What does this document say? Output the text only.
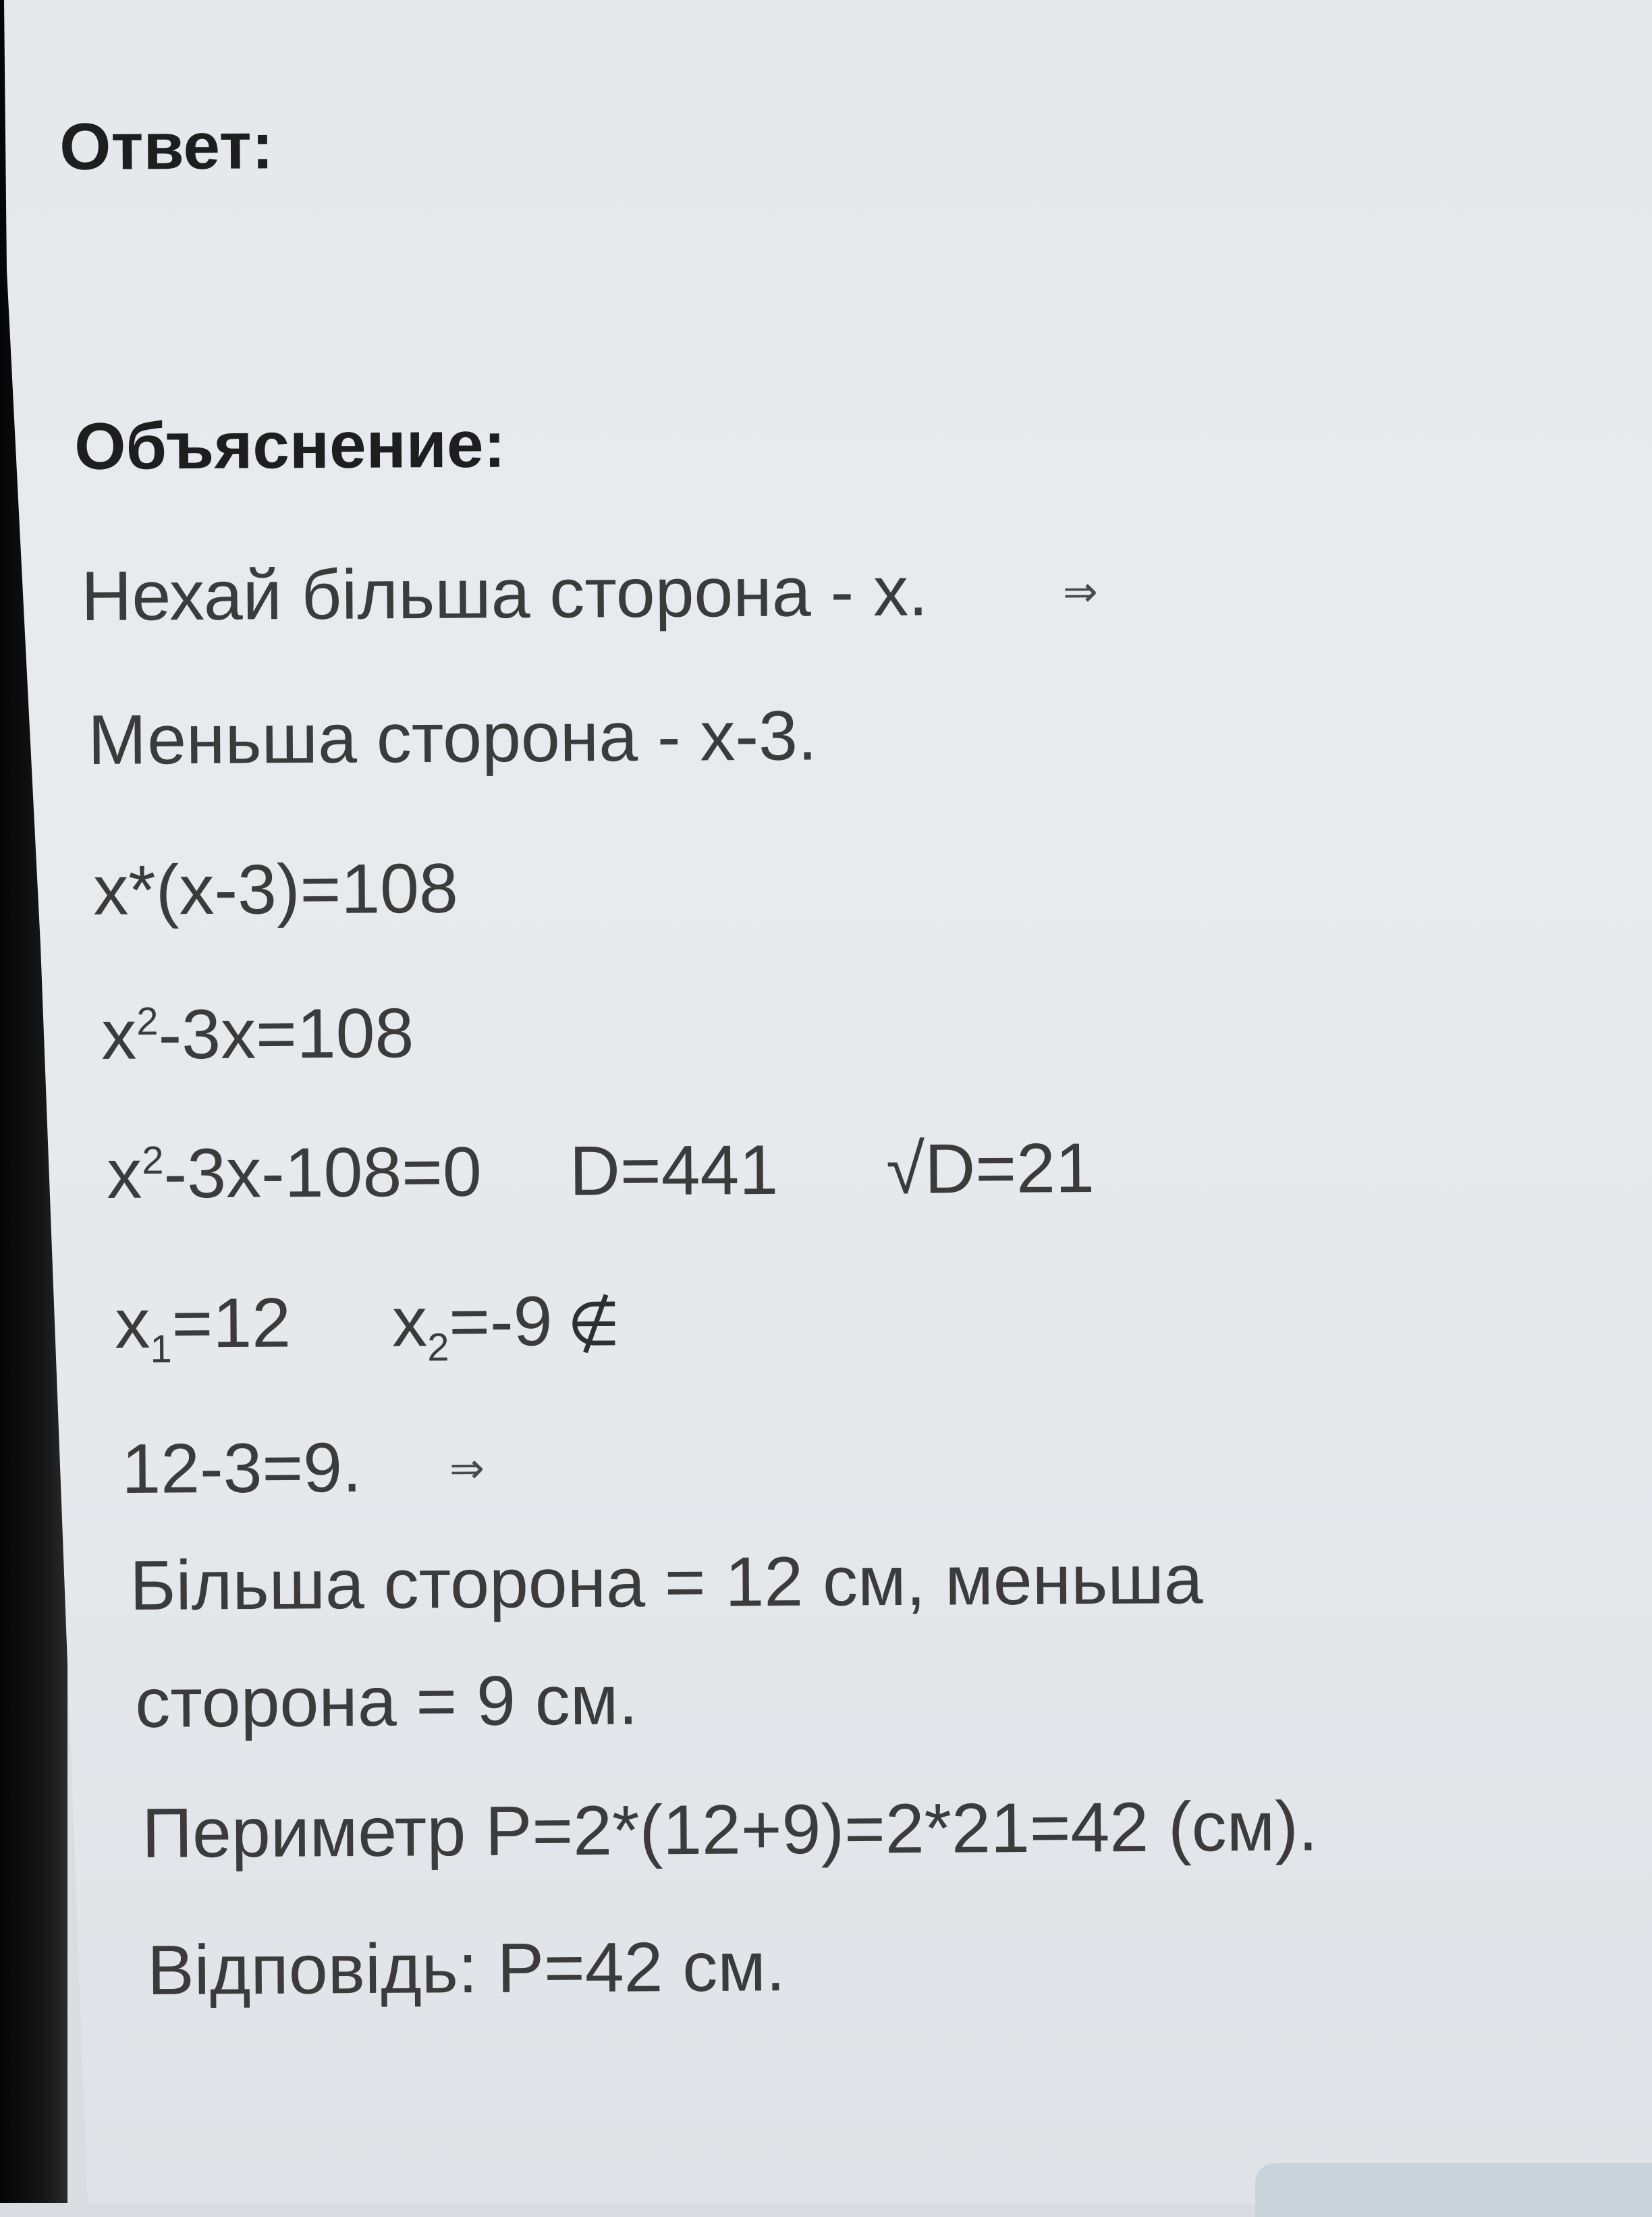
Ответ:
Объяснение:
Нехай більша сторона - х.	⇒
Меньша сторона - х-3.
х*(х-3)=108
$х^2-3х=108$
$х^2-3х-108=0$ D=441 √D=21
$х_1=12$ $х_2=-9$ ∉
12-3=9. ⇒
Більша сторона = 12 см, меньша
сторона = 9 см.
Периметр Р=2*(12+9)=2*21=42 (см).
Відповідь: Р=42 см.
